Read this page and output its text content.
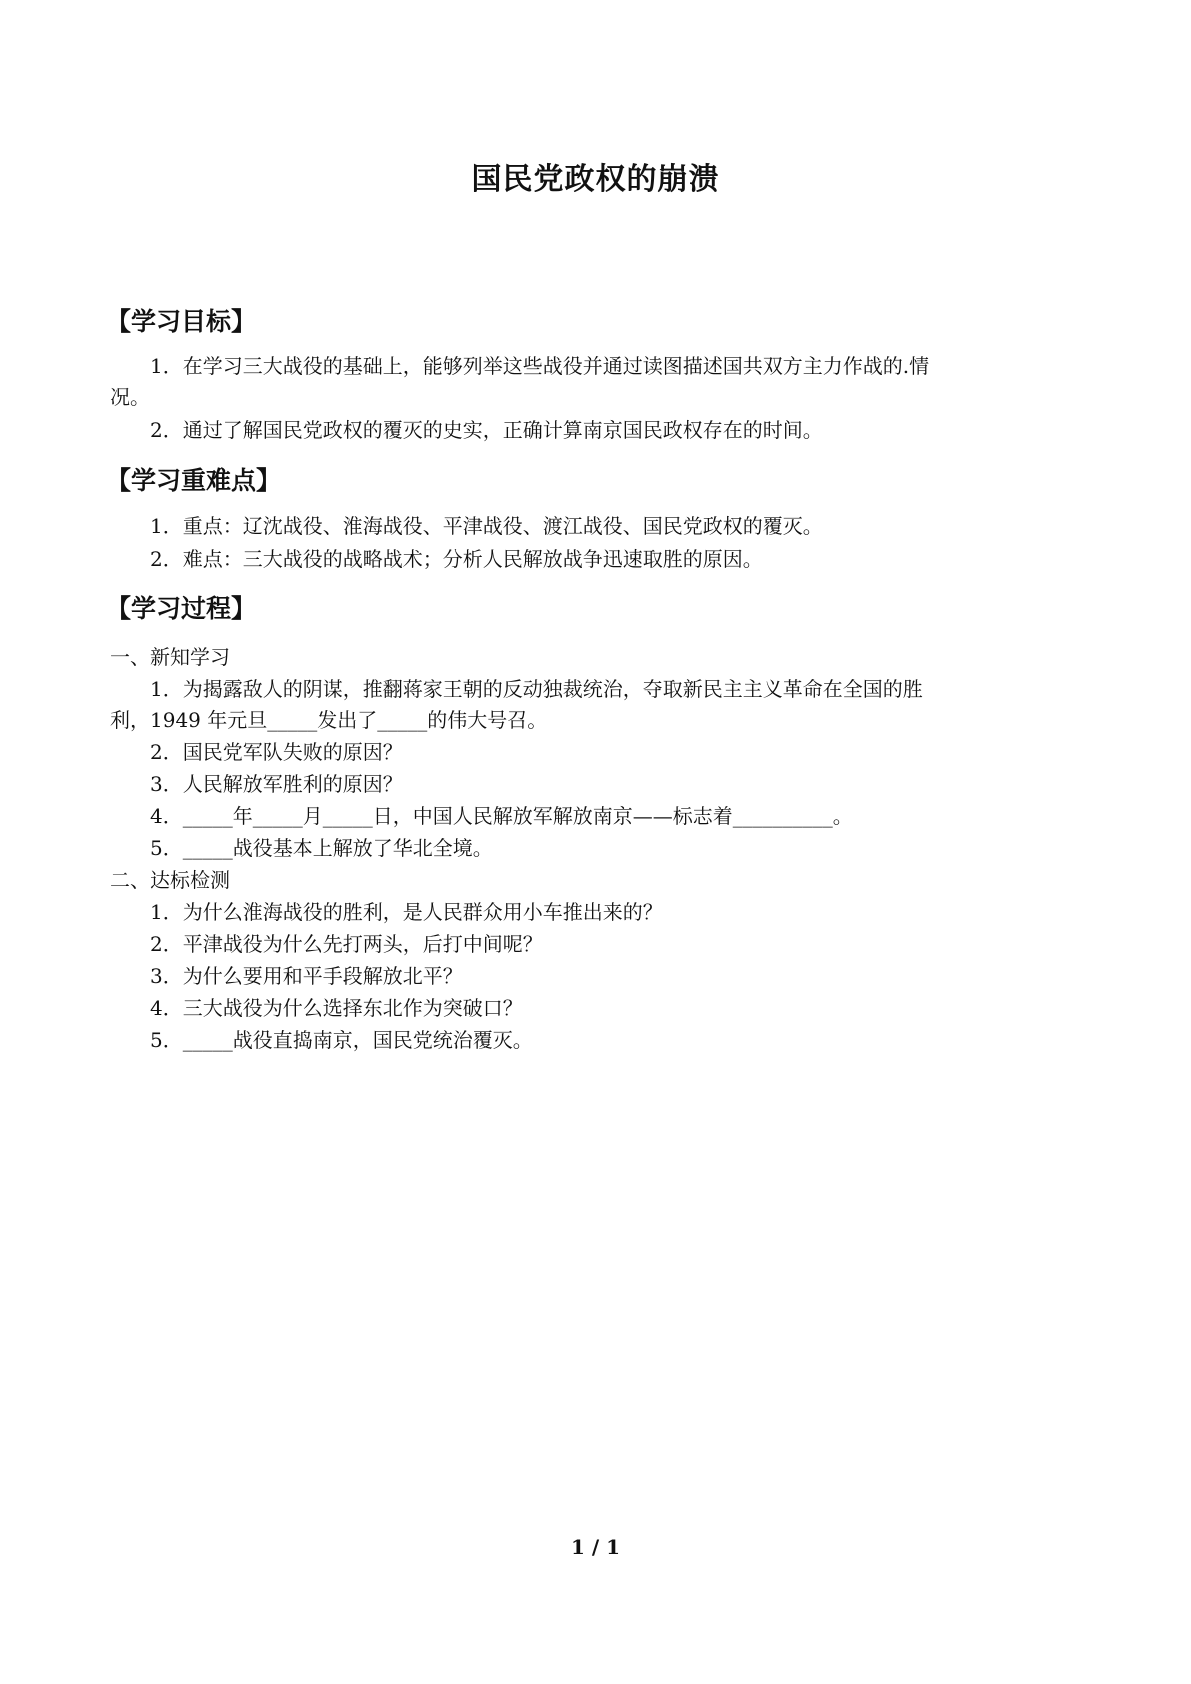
国民党政权的崩溃
【学习目标】
1．在学习三大战役的基础上，能够列举这些战役并通过读图描述国共双方主力作战的.情
况。
2．通过了解国民党政权的覆灭的史实，正确计算南京国民政权存在的时间。
【学习重难点】
1．重点：辽沈战役、淮海战役、平津战役、渡江战役、国民党政权的覆灭。
2．难点：三大战役的战略战术；分析人民解放战争迅速取胜的原因。
【学习过程】
一、新知学习
1．为揭露敌人的阴谋，推翻蒋家王朝的反动独裁统治，夺取新民主主义革命在全国的胜
利，1949 年元旦_____发出了_____的伟大号召。
2．国民党军队失败的原因？
3．人民解放军胜利的原因？
4．_____年_____月_____日，中国人民解放军解放南京——标志着__________。
5．_____战役基本上解放了华北全境。
二、达标检测
1．为什么淮海战役的胜利，是人民群众用小车推出来的？
2．平津战役为什么先打两头，后打中间呢？
3．为什么要用和平手段解放北平？
4．三大战役为什么选择东北作为突破口？
5．_____战役直捣南京，国民党统治覆灭。
1 / 1
